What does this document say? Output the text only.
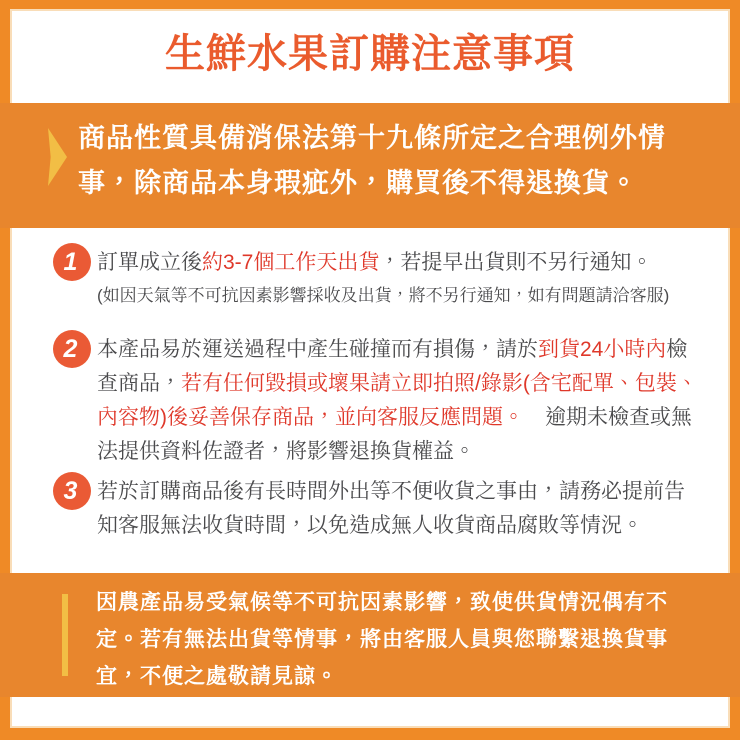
生鮮水果訂購注意事項

商品性質具備消保法第十九條所定之合理例外情事，除商品本身瑕疵外，購買後不得退換貨。

1 訂單成立後約3-7個工作天出貨，若提早出貨則不另行通知。

(如因天氣等不可抗因素影響採收及出貨，將不另行通知，如有問題請洽客服)

2 本產品易於運送過程中產生碰撞而有損傷，請於到貨24小時內檢查商品，若有任何毀損或壞果請立即拍照/錄影(含宅配單、包裝、內容物)後妥善保存商品，並向客服反應問題。　逾期未檢查或無法提供資料佐證者，將影響退換貨權益。

3 若於訂購商品後有長時間外出等不便收貨之事由，請務必提前告知客服無法收貨時間，以免造成無人收貨商品腐敗等情況。

因農產品易受氣候等不可抗因素影響，致使供貨情況偶有不定。若有無法出貨等情事，將由客服人員與您聯繫退換貨事宜，不便之處敬請見諒。
